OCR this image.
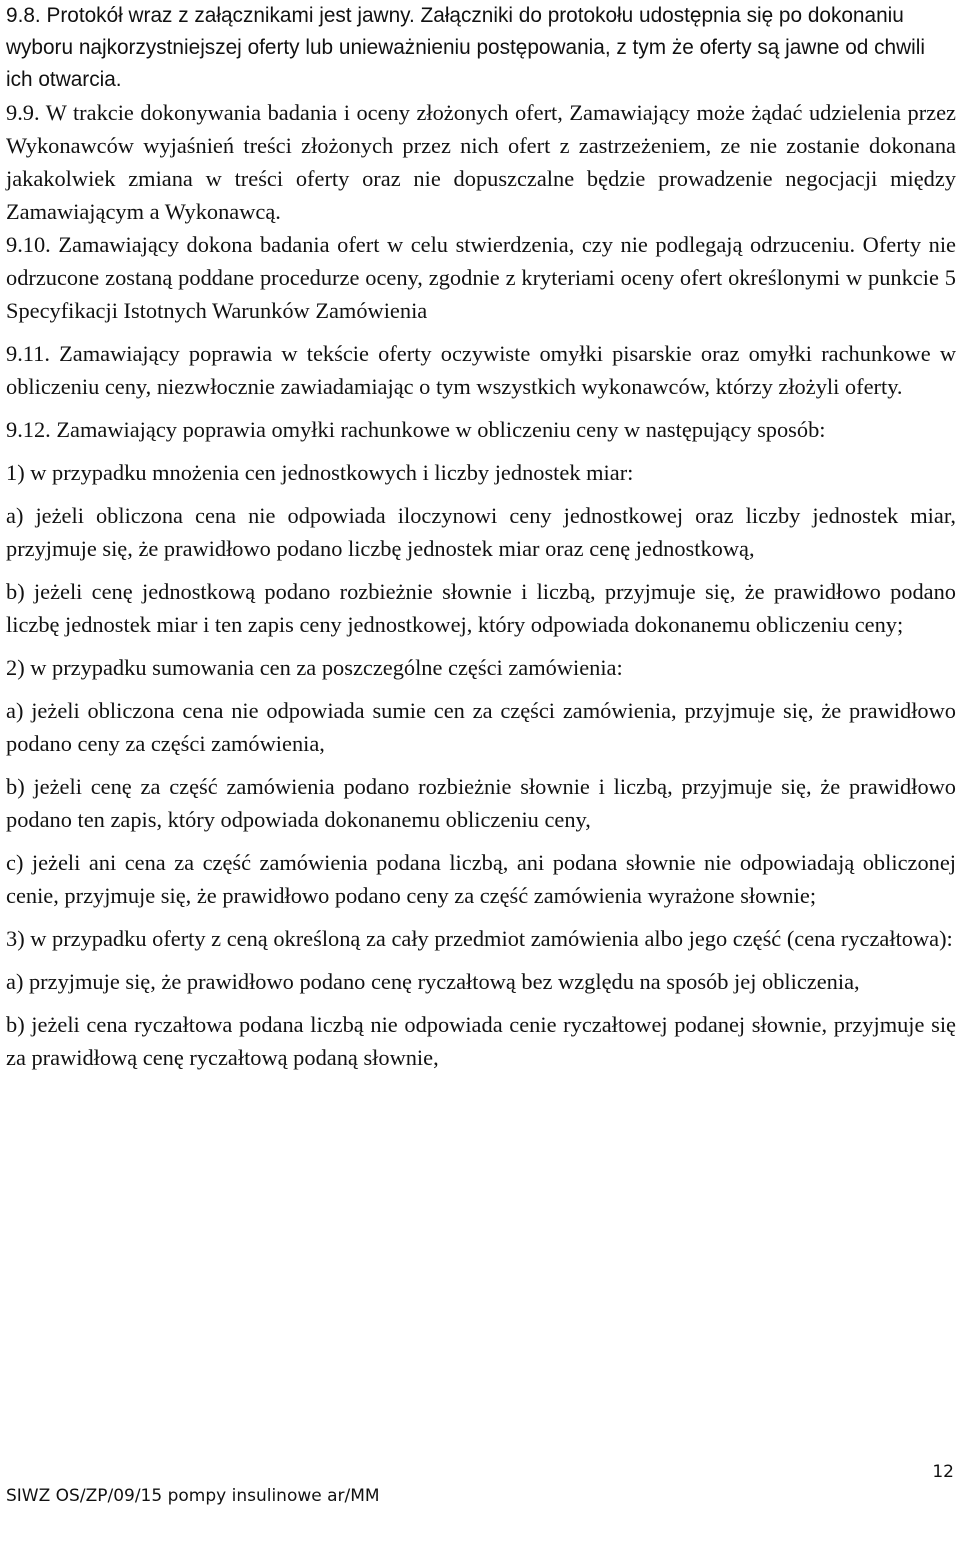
9.8. Protokół wraz z załącznikami jest jawny. Załączniki do protokołu udostępnia się po dokonaniu wyboru najkorzystniejszej oferty lub unieważnieniu postępowania, z tym że oferty są jawne od chwili ich otwarcia.

9.9. W trakcie dokonywania badania i oceny złożonych ofert, Zamawiający może żądać udzielenia przez Wykonawców wyjaśnień treści złożonych przez nich ofert z zastrzeżeniem, ze nie zostanie dokonana jakakolwiek zmiana w treści oferty oraz nie dopuszczalne będzie prowadzenie negocjacji między Zamawiającym a Wykonawcą.

9.10. Zamawiający dokona badania ofert w celu stwierdzenia, czy nie podlegają odrzuceniu. Oferty nie odrzucone zostaną poddane procedurze oceny, zgodnie z kryteriami oceny ofert określonymi w punkcie 5 Specyfikacji Istotnych Warunków Zamówienia

9.11. Zamawiający poprawia w tekście oferty oczywiste omyłki pisarskie oraz omyłki rachunkowe w obliczeniu ceny, niezwłocznie zawiadamiając o tym wszystkich wykonawców, którzy złożyli oferty.

9.12. Zamawiający poprawia omyłki rachunkowe w obliczeniu ceny w następujący sposób:

1) w przypadku mnożenia cen jednostkowych i liczby jednostek miar:

a) jeżeli obliczona cena nie odpowiada iloczynowi ceny jednostkowej oraz liczby jednostek miar, przyjmuje się, że prawidłowo podano liczbę jednostek miar oraz cenę jednostkową,

b) jeżeli cenę jednostkową podano rozbieżnie słownie i liczbą, przyjmuje się, że prawidłowo podano liczbę jednostek miar i ten zapis ceny jednostkowej, który odpowiada dokonanemu obliczeniu ceny;

2) w przypadku sumowania cen za poszczególne części zamówienia:

a) jeżeli obliczona cena nie odpowiada sumie cen za części zamówienia, przyjmuje się, że prawidłowo podano ceny za części zamówienia,

b) jeżeli cenę za część zamówienia podano rozbieżnie słownie i liczbą, przyjmuje się, że prawidłowo podano ten zapis, który odpowiada dokonanemu obliczeniu ceny,

c) jeżeli ani cena za część zamówienia podana liczbą, ani podana słownie nie odpowiadają obliczonej cenie, przyjmuje się, że prawidłowo podano ceny za część zamówienia wyrażone słownie;

3) w przypadku oferty z ceną określoną za cały przedmiot zamówienia albo jego część (cena ryczałtowa):

a) przyjmuje się, że prawidłowo podano cenę ryczałtową bez względu na sposób jej obliczenia,

b) jeżeli cena ryczałtowa podana liczbą nie odpowiada cenie ryczałtowej podanej słownie, przyjmuje się za prawidłową cenę ryczałtową podaną słownie,

SIWZ OS/ZP/09/15 pompy insulinowe ar/MM
12
